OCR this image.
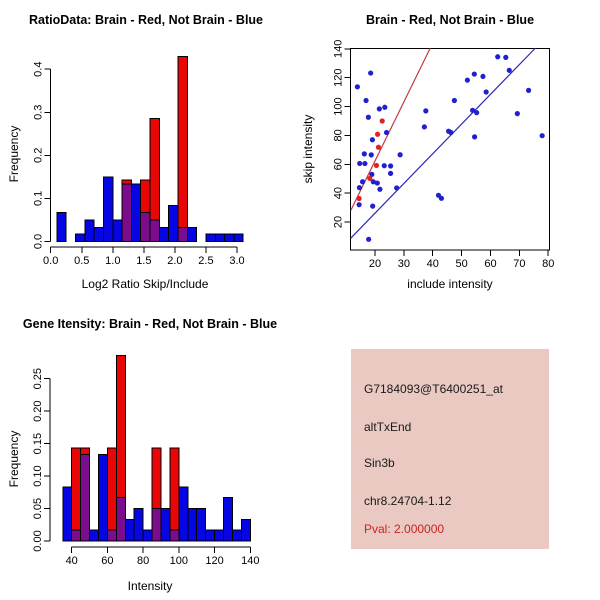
0.0 0.5 1.0 1.5 2.0 2.5 3.0
0.0
0.1
0.2
0.3
0.4
20 30 40 50 60 70 80
20
40
60
80
100
120
140
40 60 80 100 120 140
0.00
0.05
0.10
0.15
0.20
0.25
RatioData: Brain - Red, Not Brain - Blue	Brain - Red, Not Brain - Blue
Gene Itensity: Brain - Red, Not Brain - Blue
Log2 Ratio Skip/Include	include intensity
Intensity
Frequency	skip intensity
Frequency
G7184093@T6400251_at
altTxEnd
Sin3b
chr8.24704-1.12
Pval: 2.000000
